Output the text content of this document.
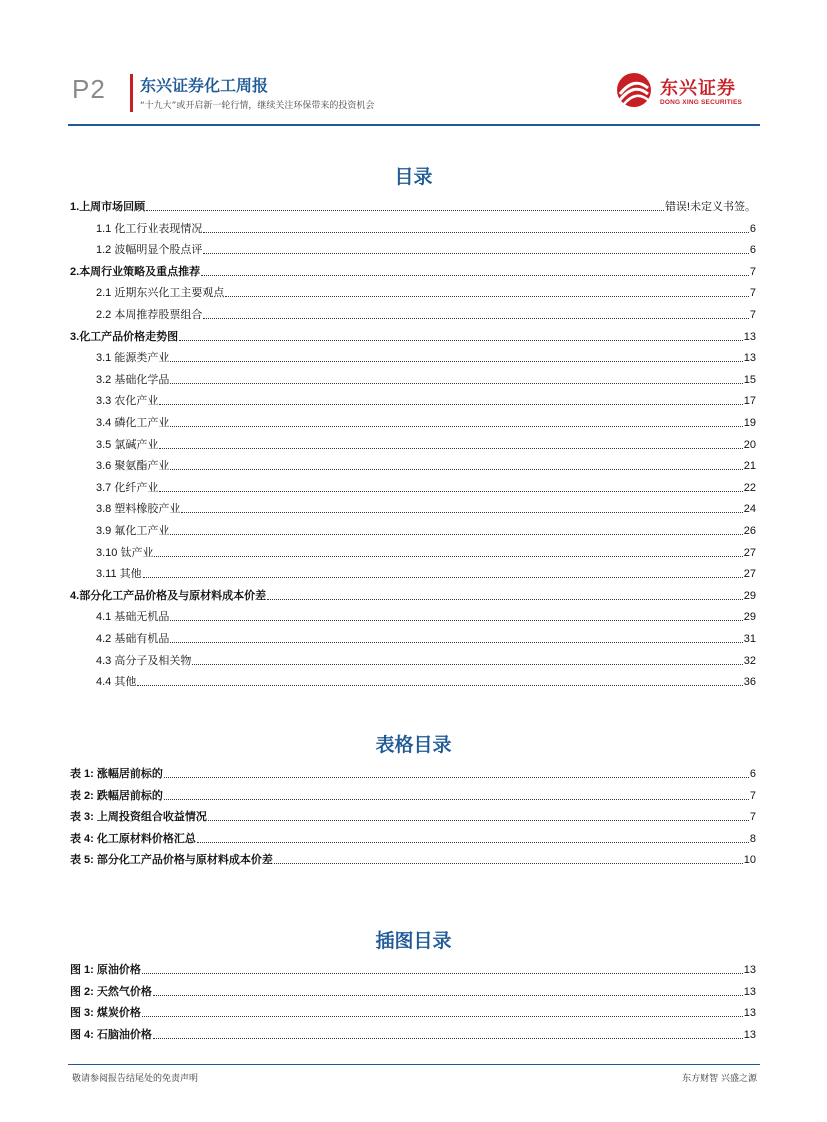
P2 东兴证券化工周报
“十九大”或开启新一轮行情，继续关注环保带来的投资机会
东兴证券
DONG XING SECURITIES
目录
1.上周市场回顾	错误!未定义书签。
1.1 化工行业表现情况	6
1.2 波幅明显个股点评	6
2.本周行业策略及重点推荐	7
2.1 近期东兴化工主要观点	7
2.2 本周推荐股票组合	7
3.化工产品价格走势图	13
3.1 能源类产业	13
3.2 基础化学品	15
3.3 农化产业	17
3.4 磷化工产业	19
3.5 氯碱产业	20
3.6 聚氨酯产业	21
3.7 化纤产业	22
3.8 塑料橡胶产业	24
3.9 氟化工产业	26
3.10 钛产业	27
3.11 其他	27
4.部分化工产品价格及与原材料成本价差	29
4.1 基础无机品	29
4.2 基础有机品	31
4.3 高分子及相关物	32
4.4 其他	36
表格目录
表 1: 涨幅居前标的	6
表 2: 跌幅居前标的	7
表 3: 上周投资组合收益情况	7
表 4: 化工原材料价格汇总	8
表 5: 部分化工产品价格与原材料成本价差	10
插图目录
图 1: 原油价格	13
图 2: 天然气价格	13
图 3: 煤炭价格	13
图 4: 石脑油价格	13
敬请参阅报告结尾处的免责声明	东方财智 兴盛之源
